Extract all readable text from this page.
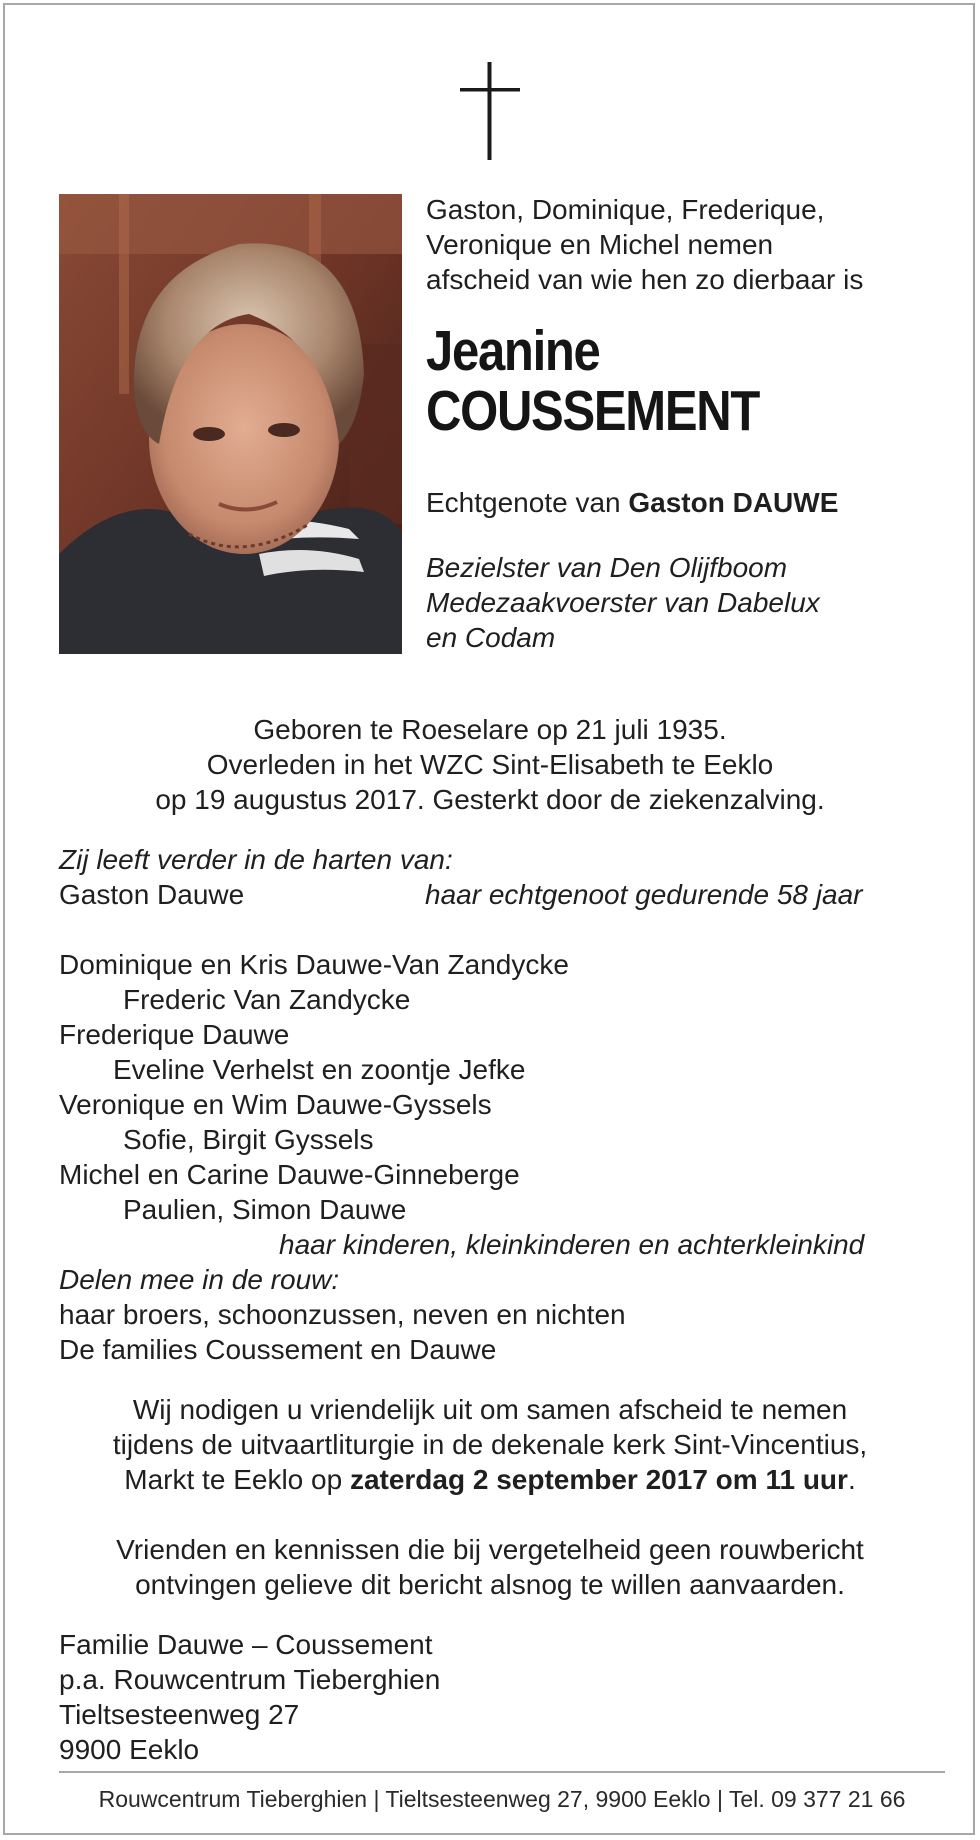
Gaston, Dominique, Frederique,

Veronique en Michel nemen

afscheid van wie hen zo dierbaar is

Jeanine
COUSSEMENT

Echtgenote van Gaston DAUWE

Bezielster van Den Olijfboom
Medezaakvoerster van Dabelux
en Codam
Geboren te Roeselare op 21 juli 1935.
Overleden in het WZC Sint-Elisabeth te Eeklo
op 19 augustus 2017. Gesterkt door de ziekenzalving.
Zij leeft verder in de harten van:
Gaston Dauwe	haar echtgenoot gedurende 58 jaar
Dominique en Kris Dauwe-Van Zandycke
Frederic Van Zandycke
Frederique Dauwe
Eveline Verhelst en zoontje Jefke
Veronique en Wim Dauwe-Gyssels
Sofie, Birgit Gyssels
Michel en Carine Dauwe-Ginneberge
Paulien, Simon Dauwe
haar kinderen, kleinkinderen en achterkleinkind
Delen mee in de rouw:
haar broers, schoonzussen, neven en nichten
De families Coussement en Dauwe
Wij nodigen u vriendelijk uit om samen afscheid te nemen
tijdens de uitvaartliturgie in de dekenale kerk Sint-Vincentius,
Markt te Eeklo op zaterdag 2 september 2017 om 11 uur.
Vrienden en kennissen die bij vergetelheid geen rouwbericht
ontvingen gelieve dit bericht alsnog te willen aanvaarden.
Familie Dauwe – Coussement
p.a. Rouwcentrum Tieberghien
Tieltsesteenweg 27
9900 Eeklo
Rouwcentrum Tieberghien | Tieltsesteenweg 27, 9900 Eeklo | Tel. 09 377 21 66
